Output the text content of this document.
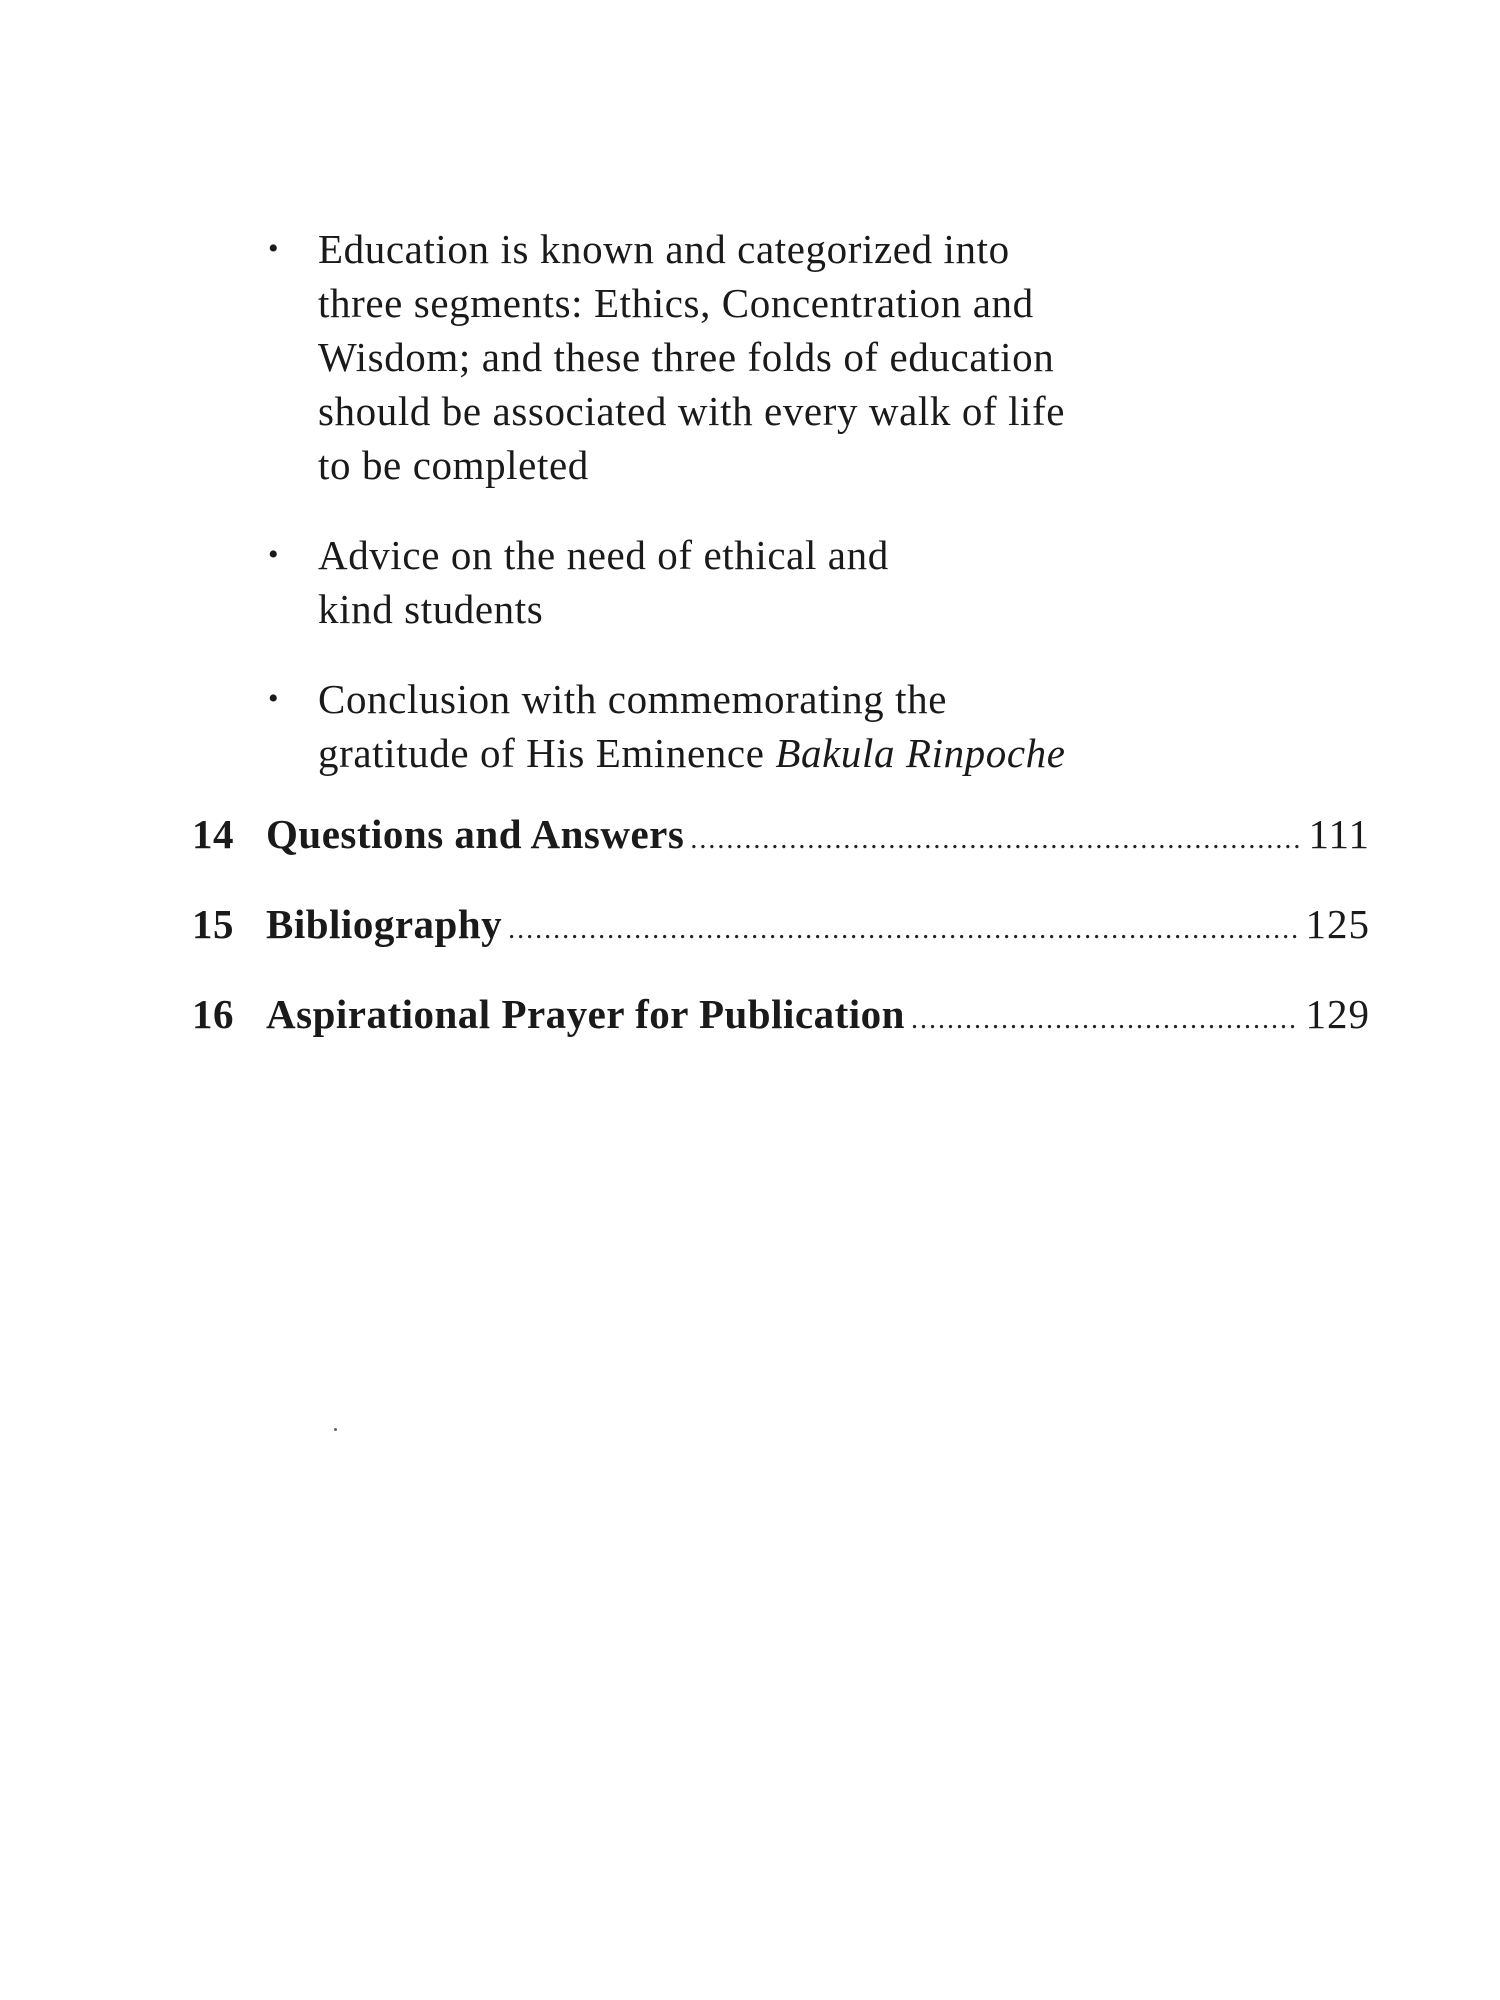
• Education is known and categorized into
three segments: Ethics, Concentration and
Wisdom; and these three folds of education
should be associated with every walk of life
to be completed
• Advice on the need of ethical and
kind students
• Conclusion with commemorating the
gratitude of His Eminence Bakula Rinpoche
14 Questions and Answers .....	111
15 Bibliography .....	125
16 Aspirational Prayer for Publication .....	129
